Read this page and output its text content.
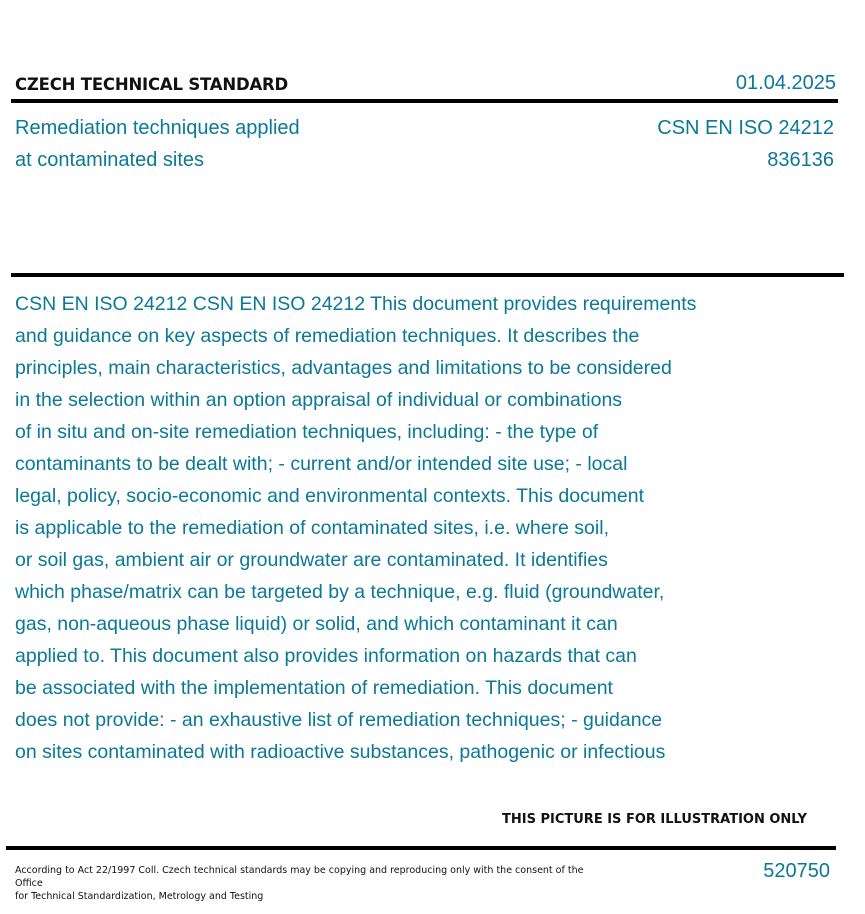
CZECH TECHNICAL STANDARD	01.04.2025
Remediation techniques applied
at contaminated sites
CSN EN ISO 24212
836136
CSN EN ISO 24212 CSN EN ISO 24212 This document provides requirements
and guidance on key aspects of remediation techniques. It describes the
principles, main characteristics, advantages and limitations to be considered
in the selection within an option appraisal of individual or combinations
of in situ and on-site remediation techniques, including: - the type of
contaminants to be dealt with; - current and/or intended site use; - local
legal, policy, socio-economic and environmental contexts. This document
is applicable to the remediation of contaminated sites, i.e. where soil,
or soil gas, ambient air or groundwater are contaminated. It identifies
which phase/matrix can be targeted by a technique, e.g. fluid (groundwater,
gas, non-aqueous phase liquid) or solid, and which contaminant it can
applied to. This document also provides information on hazards that can
be associated with the implementation of remediation. This document
does not provide: - an exhaustive list of remediation techniques; - guidance
on sites contaminated with radioactive substances, pathogenic or infectious
THIS PICTURE IS FOR ILLUSTRATION ONLY
According to Act 22/1997 Coll. Czech technical standards may be copying and reproducing only with the consent of the Office
for Technical Standardization, Metrology and Testing
520750
